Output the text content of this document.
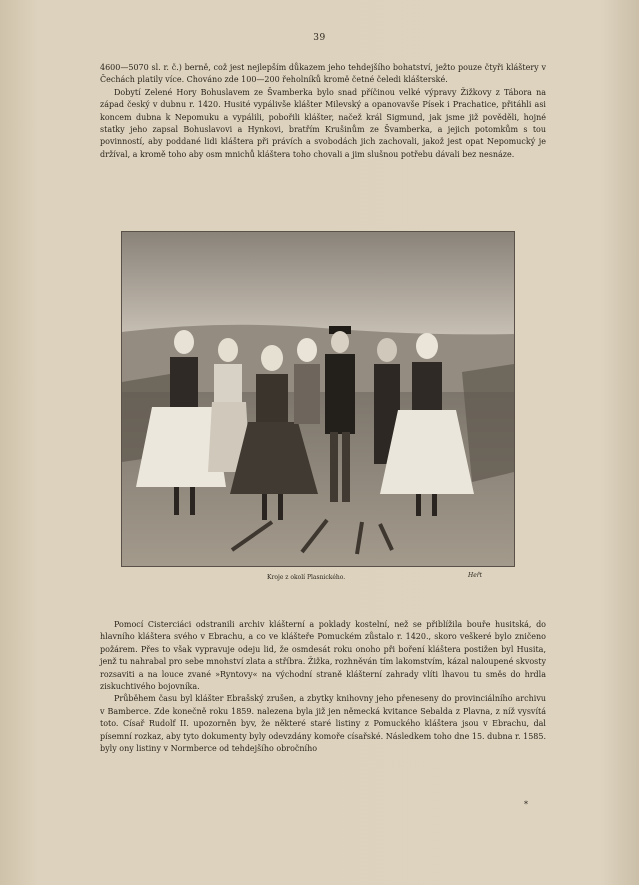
39

4600—5070 sl. r. č.) berně, což jest nejlepším důkazem jeho tehdejšího bohatství, ježto pouze čtyři kláštery v Čechách platily více. Chováno zde 100—200 řeholníků kromě četné čeledi klášterské.

Dobytí Zelené Hory Bohuslavem ze Švamberka bylo snad příčinou velké výpravy Žižkovy z Tábora na západ český v dubnu r. 1420. Husité vypálivše klášter Milevský a opanovavše Písek i Prachatice, přitáhli asi koncem dubna k Nepomuku a vypálili, pobořili klášter, načež král Sigmund, jak jsme již pověděli, hojné statky jeho zapsal Bohuslavovi a Hynkovi, bratřím Krušinům ze Švamberka, a jejich potomkům s tou povinností, aby poddané lidi kláštera při právích a svobodách jich zachovali, jakož jest opat Nepomucký je držíval, a kromě toho aby osm mnichů kláštera toho chovali a jim slušnou potřebu dávali bez nesnáze.

Kroje z okolí Plasnického.	Heřt

Pomocí Cisterciáci odstranili archiv klášterní a poklady kostelní, než se přiblížila bouře husitská, do hlavního kláštera svého v Ebrachu, a co ve klášteře Pomuckém zůstalo r. 1420., skoro veškeré bylo zničeno požárem. Přes to však vypravuje odeju lid, že osmdesát roku onoho při boření kláštera postižen byl Husita, jenž tu nahrabal pro sebe mnohství zlata a stříbra. Žižka, rozhněván tím lakomstvím, kázal naloupené skvosty rozsaviti a na louce zvané »Ryntovy« na východní straně klášterní zahrady vlíti lhavou tu směs do hrdla ziskuchtivého bojovníka.

Průběhem času byl klášter Ebrašský zrušen, a zbytky knihovny jeho přeneseny do provinciálního archivu v Bamberce. Zde konečně roku 1859. nalezena byla již jen německá kvitance Sebalda z Plavna, z níž vysvítá toto. Císař Rudolf II. upozorněn byv, že některé staré listiny z Pomuckého kláštera jsou v Ebrachu, dal písemní rozkaz, aby tyto dokumenty byly odevzdány komoře císařské. Následkem toho dne 15. dubna r. 1585. byly ony listiny v Normberce od tehdejšího obročního

*
